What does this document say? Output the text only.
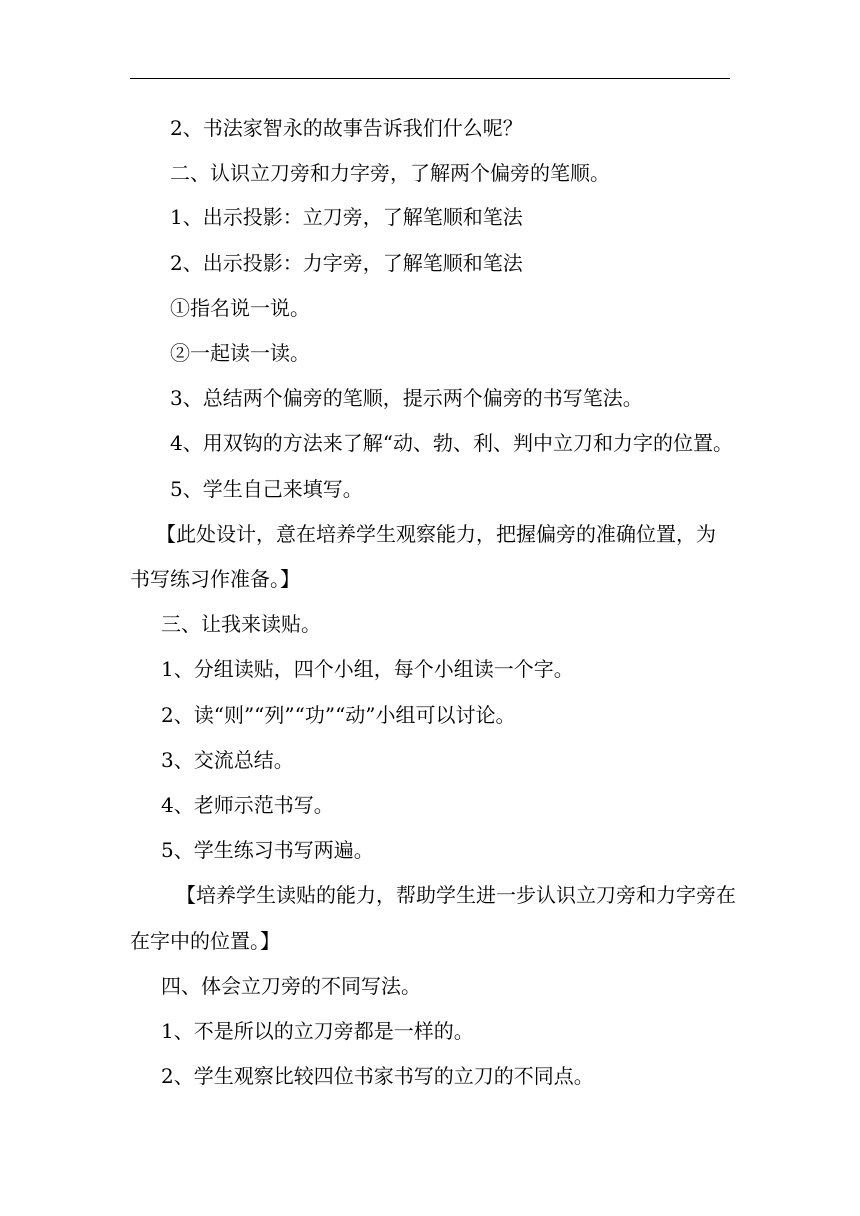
2、书法家智永的故事告诉我们什么呢？
二、认识立刀旁和力字旁，了解两个偏旁的笔顺。
1、出示投影：立刀旁，了解笔顺和笔法
2、出示投影：力字旁，了解笔顺和笔法
①指名说一说。
②一起读一读。
3、总结两个偏旁的笔顺，提示两个偏旁的书写笔法。
4、用双钩的方法来了解“动、勃、利、判中立刀和力字的位置。
5、学生自己来填写。
【此处设计，意在培养学生观察能力，把握偏旁的准确位置，为
书写练习作准备。】
三、让我来读贴。
1、分组读贴，四个小组，每个小组读一个字。
2、读“则”“列”“功”“动”小组可以讨论。
3、交流总结。
4、老师示范书写。
5、学生练习书写两遍。
【培养学生读贴的能力，帮助学生进一步认识立刀旁和力字旁在
在字中的位置。】
四、体会立刀旁的不同写法。
1、不是所以的立刀旁都是一样的。
2、学生观察比较四位书家书写的立刀的不同点。
